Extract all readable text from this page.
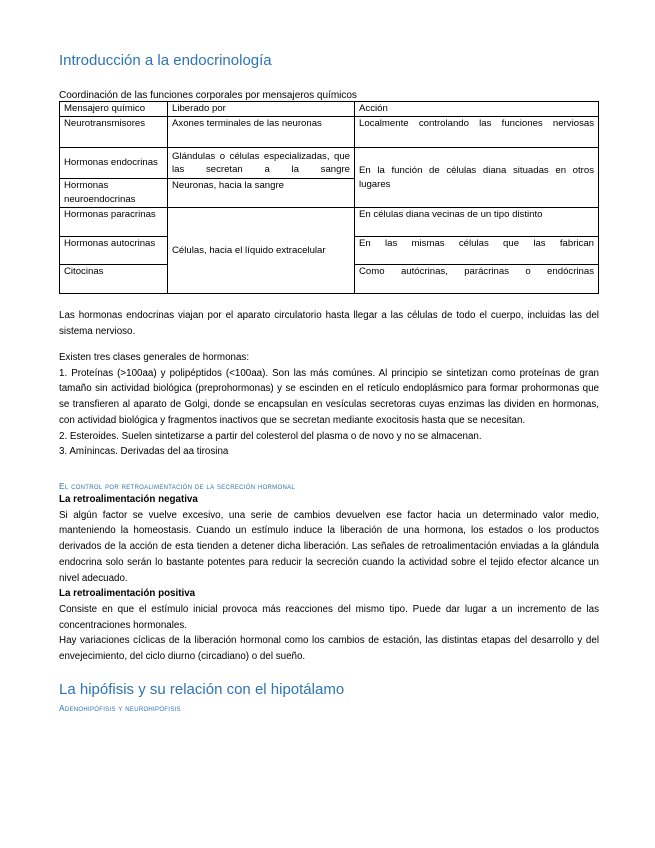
Introducción a la endocrinología
Coordinación de las funciones corporales por mensajeros químicos
Mensajero químico	Liberado por	Acción
Neurotransmisores	Axones terminales de las neuronas	Localmente controlando las funciones nerviosas

Hormonas endocrinas	Glándulas o células especializadas, que las secretan a la sangre	En la función de células diana situadas en otros lugares

Hormonas neuroendocrinas	Neuronas, hacia la sangre	
Hormonas paracrinas	Células, hacia el líquido extracelular	En células diana vecinas de un tipo distinto
Hormonas autocrinas		En las mismas células que las fabrican

Citocinas		Como autócrinas, parácrinas o endócrinas

Las hormonas endocrinas viajan por el aparato circulatorio hasta llegar a las células de todo el cuerpo, incluidas las del sistema nervioso.

Existen tres clases generales de hormonas:
1. Proteínas (>100aa) y polipéptidos (<100aa). Son las más comúnes. Al principio se sintetizan como proteínas de gran tamaño sin actividad biológica (preprohormonas) y se escinden en el retículo endoplásmico para formar prohormonas que se transfieren al aparato de Golgi, donde se encapsulan en vesículas secretoras cuyas enzimas las dividen en hormonas, con actividad biológica y fragmentos inactivos que se secretan mediante exocitosis hasta que se necesitan.
2. Esteroides. Suelen sintetizarse a partir del colesterol del plasma o de novo y no se almacenan.
3. Amínincas. Derivadas del aa tirosina
El control por retroalimentación de la secreción hormonal
La retroalimentación negativa
Si algún factor se vuelve excesivo, una serie de cambios devuelven ese factor hacia un determinado valor medio, manteniendo la homeostasis. Cuando un estímulo induce la liberación de una hormona, los estados o los productos derivados de la acción de esta tienden a detener dicha liberación. Las señales de retroalimentación enviadas a la glándula endocrina solo serán lo bastante potentes para reducir la secreción cuando la actividad sobre el tejido efector alcance un nivel adecuado.
La retroalimentación positiva
Consiste en que el estímulo inicial provoca más reacciones del mismo tipo. Puede dar lugar a un incremento de las concentraciones hormonales.
Hay variaciones cíclicas de la liberación hormonal como los cambios de estación, las distintas etapas del desarrollo y del envejecimiento, del ciclo diurno (circadiano) o del sueño.
La hipófisis y su relación con el hipotálamo
Adenohipófisis y neurohipófisis
